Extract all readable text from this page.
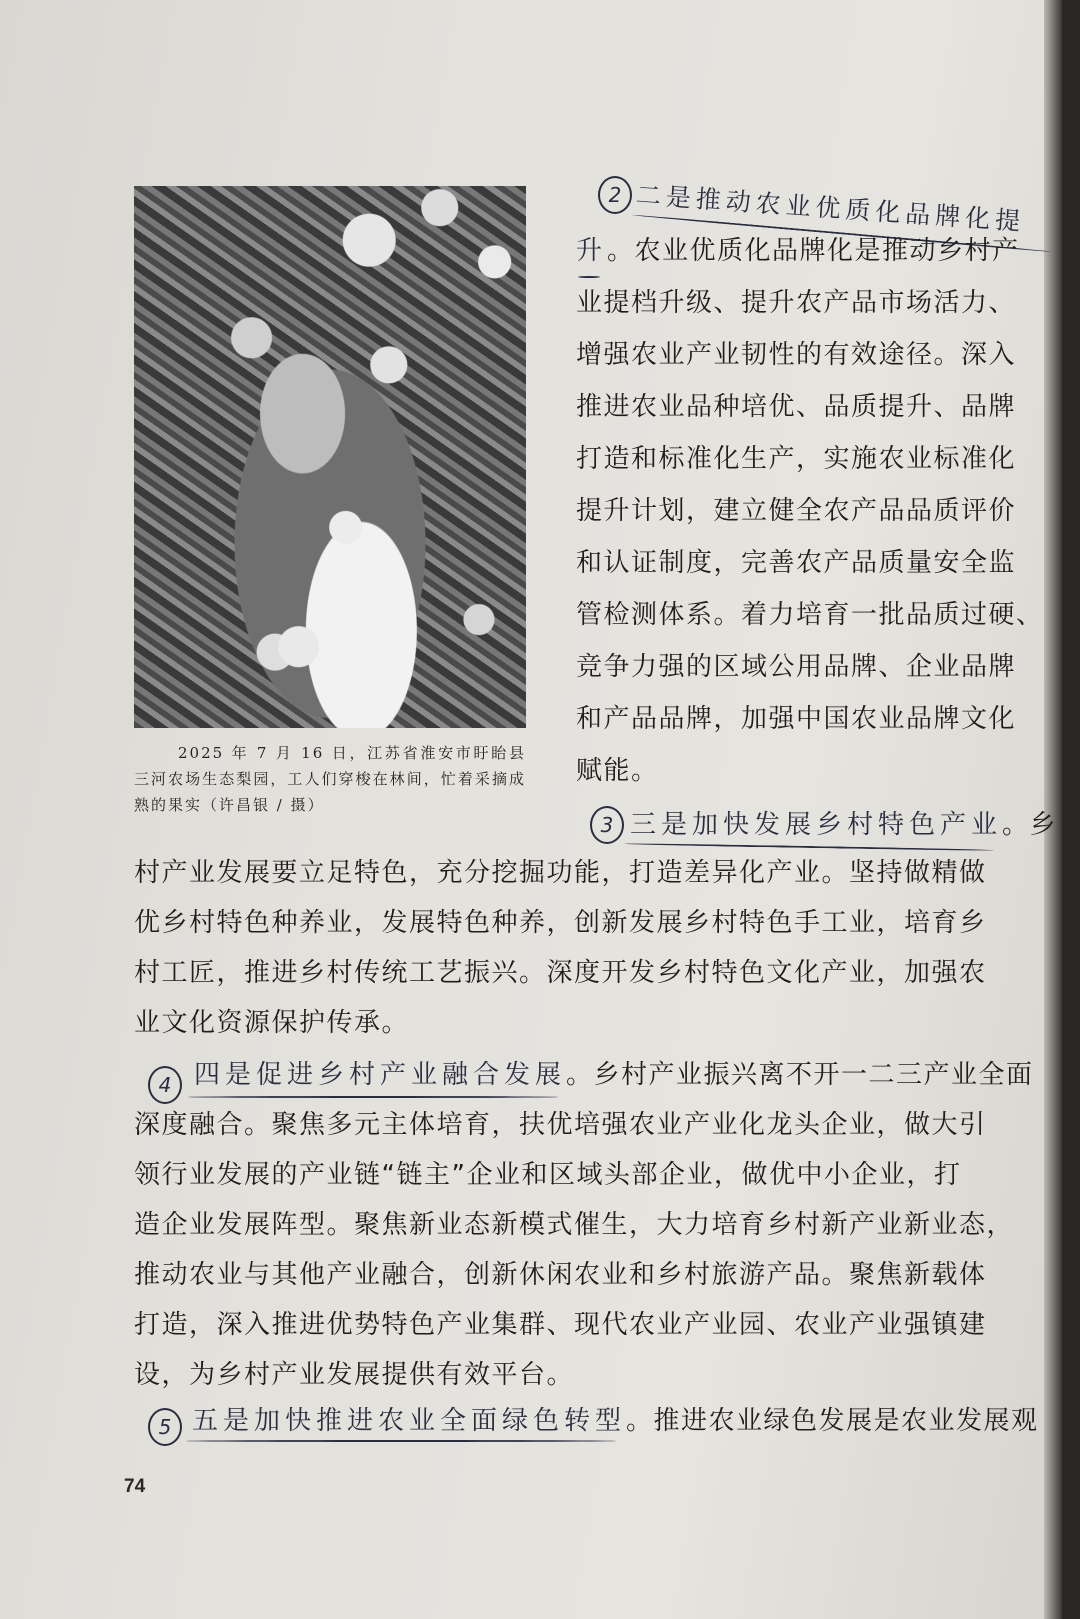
2025 年 7 月 16 日，江苏省淮安市盱眙县三河农场生态梨园，工人们穿梭在林间，忙着采摘成熟的果实（许昌银 / 摄）
2 二是推动农业优质化品牌化提
升。农业优质化品牌化是推动乡村产
业提档升级、提升农产品市场活力、
增强农业产业韧性的有效途径。深入
推进农业品种培优、品质提升、品牌
打造和标准化生产，实施农业标准化
提升计划，建立健全农产品品质评价
和认证制度，完善农产品质量安全监
管检测体系。着力培育一批品质过硬、
竞争力强的区域公用品牌、企业品牌
和产品品牌，加强中国农业品牌文化
赋能。
3 三是加快发展乡村特色产业。乡
村产业发展要立足特色，充分挖掘功能，打造差异化产业。坚持做精做
优乡村特色种养业，发展特色种养，创新发展乡村特色手工业，培育乡
村工匠，推进乡村传统工艺振兴。深度开发乡村特色文化产业，加强农
业文化资源保护传承。
4 四是促进乡村产业融合发展。乡村产业振兴离不开一二三产业全面
深度融合。聚焦多元主体培育，扶优培强农业产业化龙头企业，做大引
领行业发展的产业链“链主”企业和区域头部企业，做优中小企业，打
造企业发展阵型。聚焦新业态新模式催生，大力培育乡村新产业新业态，
推动农业与其他产业融合，创新休闲农业和乡村旅游产品。聚焦新载体
打造，深入推进优势特色产业集群、现代农业产业园、农业产业强镇建
设，为乡村产业发展提供有效平台。
5 五是加快推进农业全面绿色转型。推进农业绿色发展是农业发展观
74
